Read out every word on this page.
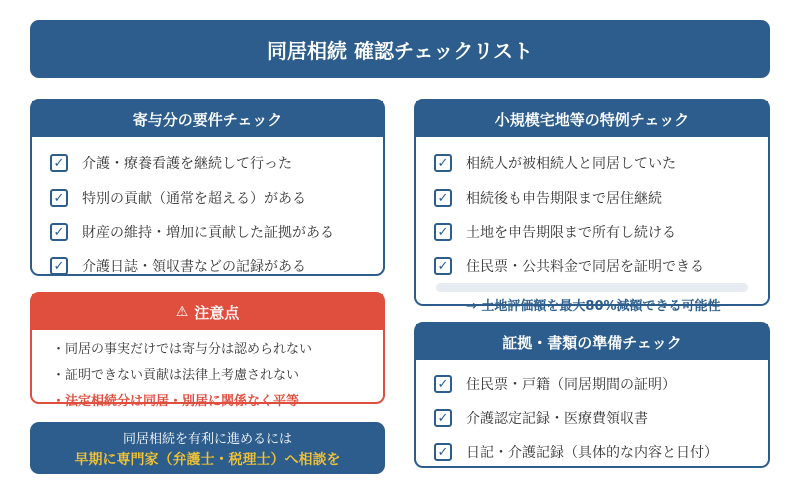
同居相続 確認チェックリスト
寄与分の要件チェック
✓ 介護・療養看護を継続して行った
✓ 特別の貢献（通常を超える）がある
✓ 財産の維持・増加に貢献した証拠がある
✓ 介護日誌・領収書などの記録がある
⚠ 注意点
・同居の事実だけでは寄与分は認められない
・証明できない貢献は法律上考慮されない
・法定相続分は同居・別居に関係なく平等
同居相続を有利に進めるには
早期に専門家（弁護士・税理士）へ相談を
小規模宅地等の特例チェック
✓ 相続人が被相続人と同居していた
✓ 相続後も申告期限まで居住継続
✓ 土地を申告期限まで所有し続ける
✓ 住民票・公共料金で同居を証明できる
→ 土地評価額を最大80%減額できる可能性
証拠・書類の準備チェック
✓ 住民票・戸籍（同居期間の証明）
✓ 介護認定記録・医療費領収書
✓ 日記・介護記録（具体的な内容と日付）
